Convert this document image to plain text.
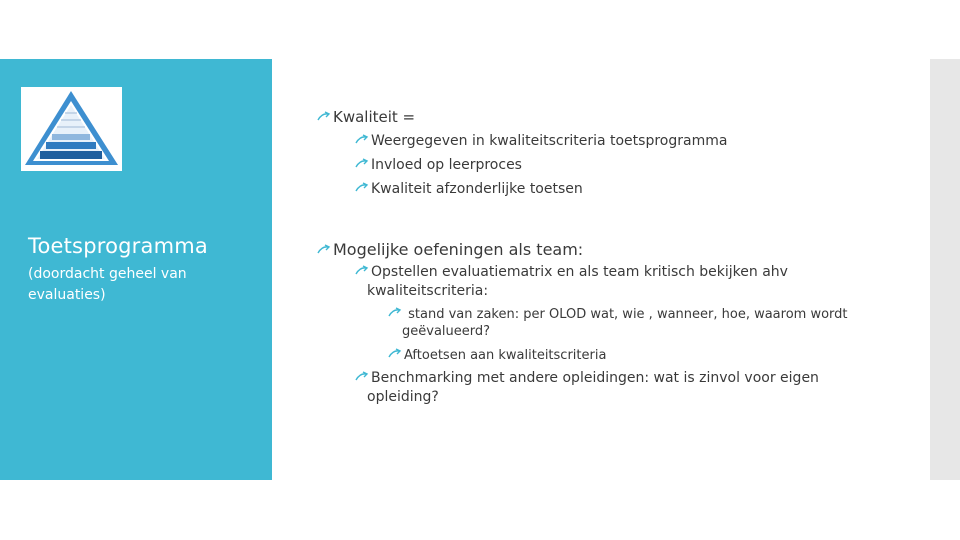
Toetsprogramma
(doordacht geheel van evaluaties)
Kwaliteit =
Weergegeven in kwaliteitscriteria toetsprogramma
Invloed op leerproces
Kwaliteit afzonderlijke toetsen
Mogelijke oefeningen als team:
Opstellen evaluatiematrix en als team kritisch bekijken ahv kwaliteitscriteria:
stand van zaken: per OLOD wat, wie , wanneer, hoe, waarom wordt geëvalueerd?
Aftoetsen aan kwaliteitscriteria
Benchmarking met andere opleidingen: wat is zinvol voor eigen opleiding?
